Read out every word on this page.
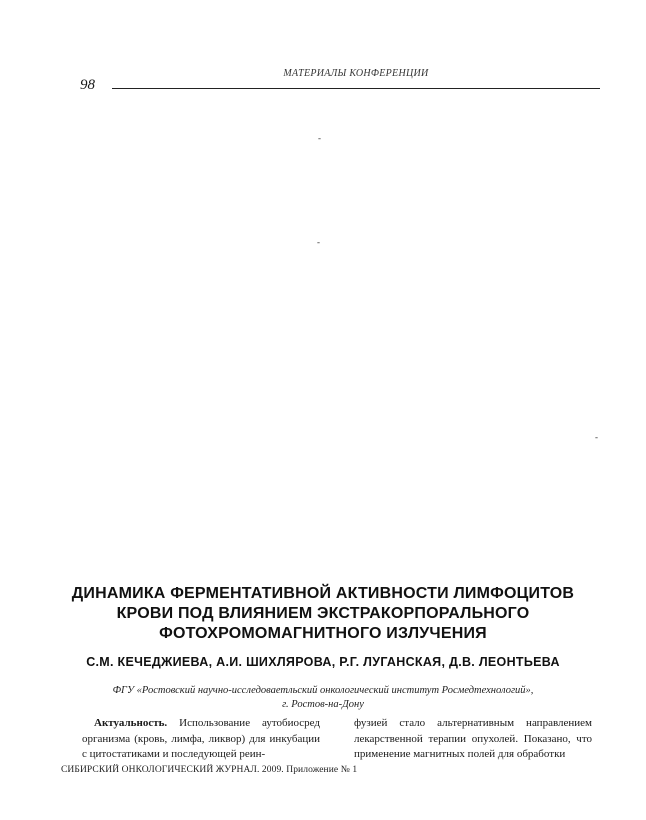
МАТЕРИАЛЫ КОНФЕРЕНЦИИ
98
-
-
-
ДИНАМИКА ФЕРМЕНТАТИВНОЙ АКТИВНОСТИ ЛИМФОЦИТОВ
КРОВИ ПОД ВЛИЯНИЕМ ЭКСТРАКОРПОРАЛЬНОГО
ФОТОХРОМОМАГНИТНОГО ИЗЛУЧЕНИЯ
С.М. КЕЧЕДЖИЕВА, А.И. ШИХЛЯРОВА, Р.Г. ЛУГАНСКАЯ, Д.В. ЛЕОНТЬЕВА
ФГУ «Ростовский научно-исследоваетльский онкологический институт Росмедтехнологий»,
г. Ростов-на-Дону

Актуальность. Использование аутобиосред организма (кровь, лимфа, ликвор) для инкубации с цитостатиками и последующей реин-

фузией стало альтернативным направлением лекарственной терапии опухолей. Показано, что применение магнитных полей для обработки

СИБИРСКИЙ ОНКОЛОГИЧЕСКИЙ ЖУРНАЛ. 2009. Приложение № 1
